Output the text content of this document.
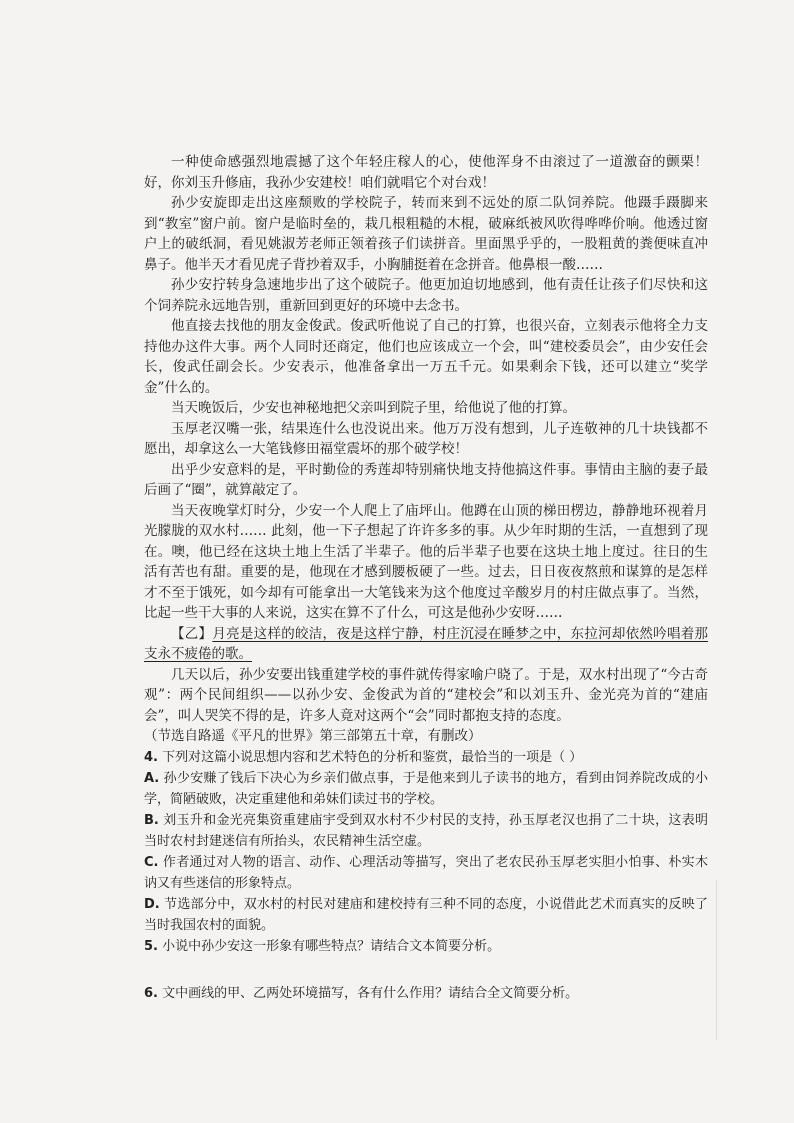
一种使命感强烈地震撼了这个年轻庄稼人的心，使他浑身不由滚过了一道激奋的颤栗！好，你刘玉升修庙，我孙少安建校！咱们就唱它个对台戏！

孙少安旋即走出这座颓败的学校院子，转而来到不远处的原二队饲养院。他蹑手蹑脚来到“教室”窗户前。窗户是临时垒的，栽几根粗糙的木棍，破麻纸被风吹得哗哗价响。他透过窗户上的破纸洞，看见姚淑芳老师正领着孩子们读拼音。里面黑乎乎的，一股粗黄的粪便味直冲鼻子。他半天才看见虎子背抄着双手，小胸脯挺着在念拼音。他鼻根一酸……

孙少安拧转身急速地步出了这个破院子。他更加迫切地感到，他有责任让孩子们尽快和这个饲养院永远地告别，重新回到更好的环境中去念书。

他直接去找他的朋友金俊武。俊武听他说了自己的打算，也很兴奋，立刻表示他将全力支持他办这件大事。两个人同时还商定，他们也应该成立一个会，叫“建校委员会”，由少安任会长，俊武任副会长。少安表示，他准备拿出一万五千元。如果剩余下钱，还可以建立“奖学金”什么的。

当天晚饭后，少安也神秘地把父亲叫到院子里，给他说了他的打算。

玉厚老汉嘴一张，结果连什么也没说出来。他万万没有想到，儿子连敬神的几十块钱都不愿出，却拿这么一大笔钱修田福堂震坏的那个破学校！

出乎少安意料的是，平时勤俭的秀莲却特别痛快地支持他搞这件事。事情由主脑的妻子最后画了“圈”，就算敲定了。

当天夜晚掌灯时分，少安一个人爬上了庙坪山。他蹲在山顶的梯田楞边，静静地环视着月光朦胧的双水村…… 此刻，他一下子想起了许许多多的事。从少年时期的生活，一直想到了现在。噢，他已经在这块土地上生活了半辈子。他的后半辈子也要在这块土地上度过。往日的生活有苦也有甜。重要的是，他现在才感到腰板硬了一些。过去，日日夜夜熬煎和谋算的是怎样才不至于饿死，如今却有可能拿出一大笔钱来为这个他度过辛酸岁月的村庄做点事了。当然，比起一些干大事的人来说，这实在算不了什么，可这是他孙少安呀……

【乙】月亮是这样的皎洁，夜是这样宁静，村庄沉浸在睡梦之中，东拉河却依然吟唱着那支永不疲倦的歌。

几天以后，孙少安要出钱重建学校的事件就传得家喻户晓了。于是，双水村出现了“今古奇观”：两个民间组织——以孙少安、金俊武为首的“建校会”和以刘玉升、金光亮为首的“建庙会”，叫人哭笑不得的是，许多人竟对这两个“会”同时都抱支持的态度。

（节选自路遥《平凡的世界》第三部第五十章，有删改）

4. 下列对这篇小说思想内容和艺术特色的分析和鉴赏，最恰当的一项是（ ）

A. 孙少安赚了钱后下决心为乡亲们做点事，于是他来到儿子读书的地方，看到由饲养院改成的小学，简陋破败，决定重建他和弟妹们读过书的学校。

B. 刘玉升和金光亮集资重建庙宇受到双水村不少村民的支持，孙玉厚老汉也捐了二十块，这表明当时农村封建迷信有所抬头，农民精神生活空虚。

C. 作者通过对人物的语言、动作、心理活动等描写，突出了老农民孙玉厚老实胆小怕事、朴实木讷又有些迷信的形象特点。

D. 节选部分中，双水村的村民对建庙和建校持有三种不同的态度，小说借此艺术而真实的反映了当时我国农村的面貌。

5. 小说中孙少安这一形象有哪些特点？请结合文本简要分析。

6. 文中画线的甲、乙两处环境描写，各有什么作用？请结合全文简要分析。
